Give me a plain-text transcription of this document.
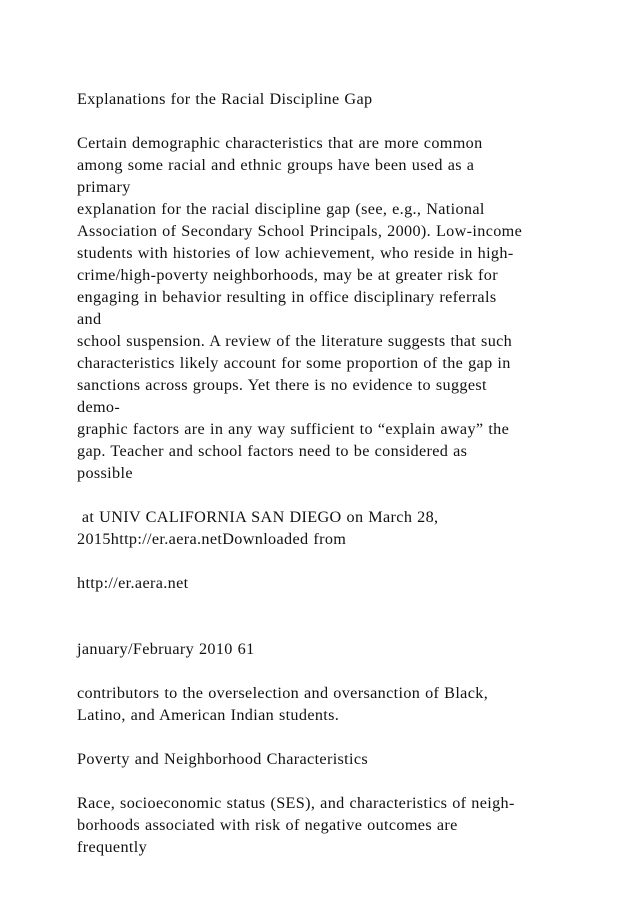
Explanations for the Racial Discipline Gap
Certain demographic characteristics that are more common
among some racial and ethnic groups have been used as a
primary
explanation for the racial discipline gap (see, e.g., National
Association of Secondary School Principals, 2000). Low-income
students with histories of low achievement, who reside in high-
crime/high-poverty neighborhoods, may be at greater risk for
engaging in behavior resulting in office disciplinary referrals
and
school suspension. A review of the literature suggests that such
characteristics likely account for some proportion of the gap in
sanctions across groups. Yet there is no evidence to suggest
demo-
graphic factors are in any way sufficient to “explain away” the
gap. Teacher and school factors need to be considered as
possible
at UNIV CALIFORNIA SAN DIEGO on March 28,
2015http://er.aera.netDownloaded from
http://er.aera.net
january/February 2010 61
contributors to the overselection and oversanction of Black,
Latino, and American Indian students.
Poverty and Neighborhood Characteristics
Race, socioeconomic status (SES), and characteristics of neigh-
borhoods associated with risk of negative outcomes are
frequently
